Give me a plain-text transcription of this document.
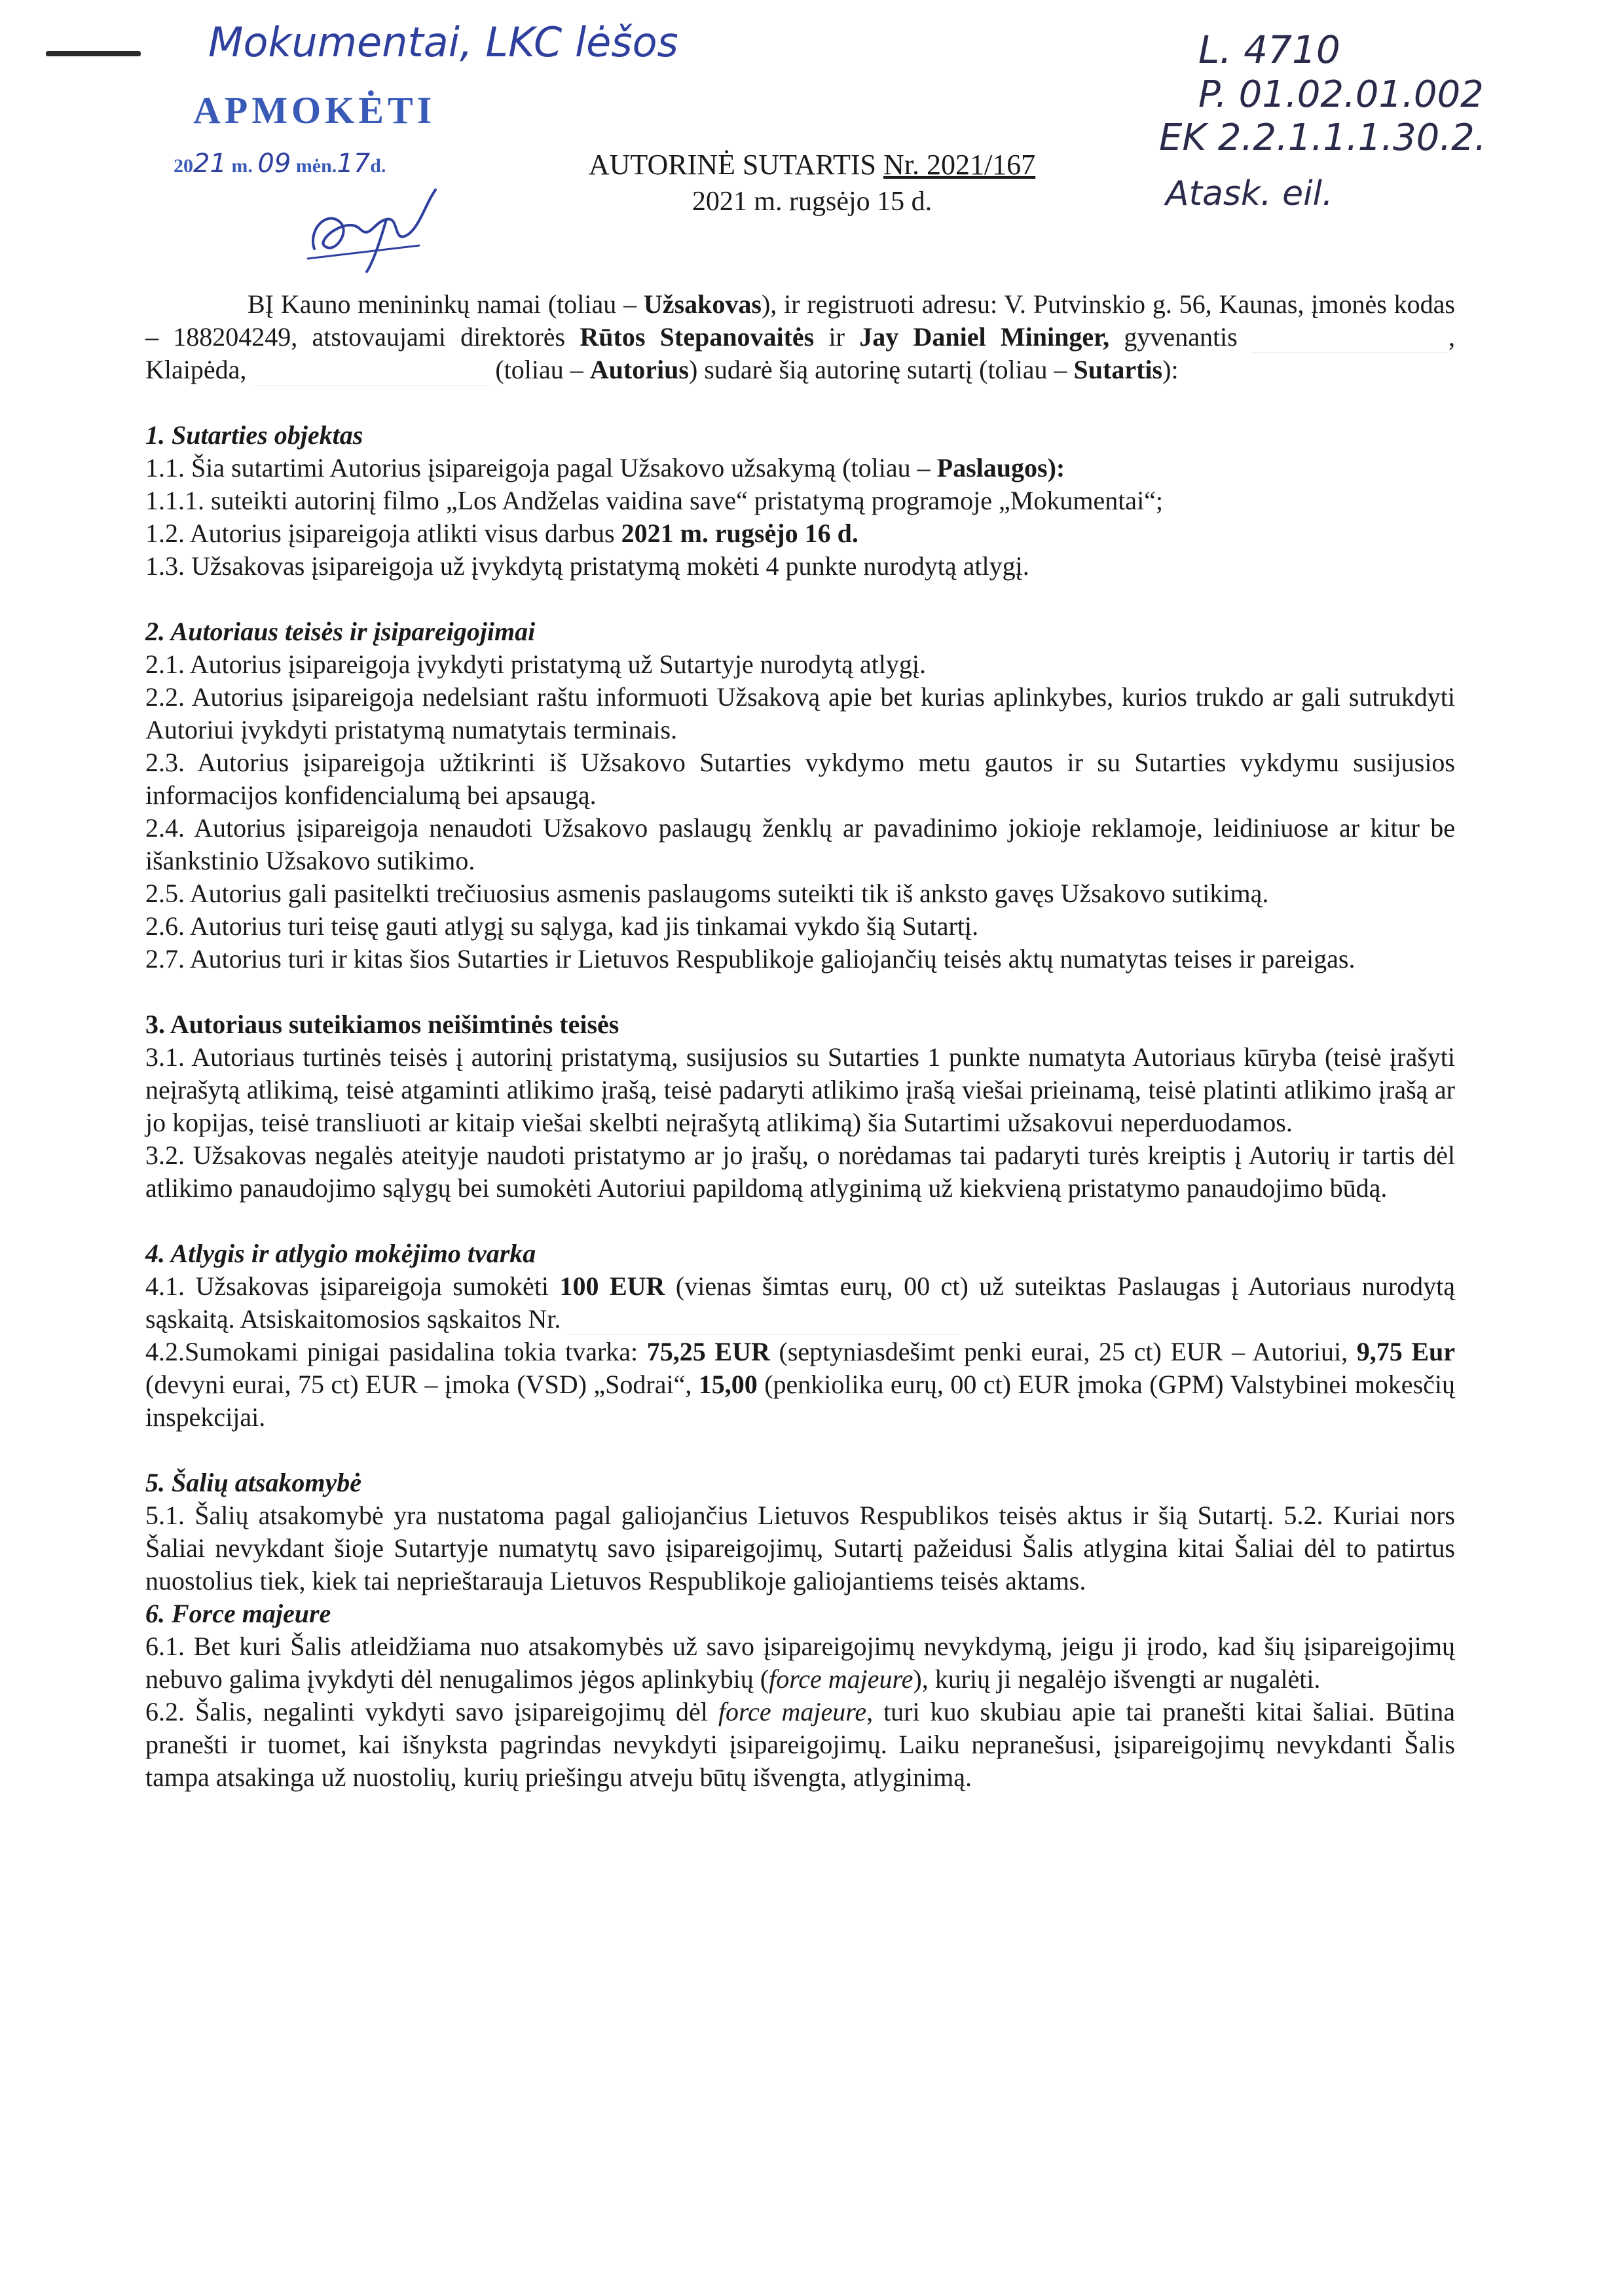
Mokumentai, LKC lėšos	L. 4710
P. 01.02.01.002
EK 2.2.1.1.1.30.2.
Atask. eil.
APMOKĖTI
2021 m. 09 mėn.17d.	AUTORINĖ SUTARTIS Nr. 2021/167
2021 m. rugsėjo 15 d.

BĮ Kauno menininkų namai (toliau – Užsakovas), ir registruoti adresu: V. Putvinskio g. 56, Kaunas, įmonės kodas – 188204249, atstovaujami direktorės Rūtos Stepanovaitės ir Jay Daniel Mininger, gyvenantis	, Klaipėda,	(toliau – Autorius) sudarė šią autorinę sutartį (toliau – Sutartis):

1. Sutarties objektas

1.1. Šia sutartimi Autorius įsipareigoja pagal Užsakovo užsakymą (toliau – Paslaugos):

1.1.1. suteikti autorinį filmo „Los Andželas vaidina save“ pristatymą programoje „Mokumentai“;

1.2. Autorius įsipareigoja atlikti visus darbus 2021 m. rugsėjo 16 d.

1.3. Užsakovas įsipareigoja už įvykdytą pristatymą mokėti 4 punkte nurodytą atlygį.

2. Autoriaus teisės ir įsipareigojimai

2.1. Autorius įsipareigoja įvykdyti pristatymą už Sutartyje nurodytą atlygį.

2.2. Autorius įsipareigoja nedelsiant raštu informuoti Užsakovą apie bet kurias aplinkybes, kurios trukdo ar gali sutrukdyti Autoriui įvykdyti pristatymą numatytais terminais.

2.3. Autorius įsipareigoja užtikrinti iš Užsakovo Sutarties vykdymo metu gautos ir su Sutarties vykdymu susijusios informacijos konfidencialumą bei apsaugą.

2.4. Autorius įsipareigoja nenaudoti Užsakovo paslaugų ženklų ar pavadinimo jokioje reklamoje, leidiniuose ar kitur be išankstinio Užsakovo sutikimo.

2.5. Autorius gali pasitelkti trečiuosius asmenis paslaugoms suteikti tik iš anksto gavęs Užsakovo sutikimą.

2.6. Autorius turi teisę gauti atlygį su sąlyga, kad jis tinkamai vykdo šią Sutartį.

2.7. Autorius turi ir kitas šios Sutarties ir Lietuvos Respublikoje galiojančių teisės aktų numatytas teises ir pareigas.

3. Autoriaus suteikiamos neišimtinės teisės

3.1. Autoriaus turtinės teisės į autorinį pristatymą, susijusios su Sutarties 1 punkte numatyta Autoriaus kūryba (teisė įrašyti neįrašytą atlikimą, teisė atgaminti atlikimo įrašą, teisė padaryti atlikimo įrašą viešai prieinamą, teisė platinti atlikimo įrašą ar jo kopijas, teisė transliuoti ar kitaip viešai skelbti neįrašytą atlikimą) šia Sutartimi užsakovui neperduodamos.

3.2. Užsakovas negalės ateityje naudoti pristatymo ar jo įrašų, o norėdamas tai padaryti turės kreiptis į Autorių ir tartis dėl atlikimo panaudojimo sąlygų bei sumokėti Autoriui papildomą atlyginimą už kiekvieną pristatymo panaudojimo būdą.

4. Atlygis ir atlygio mokėjimo tvarka

4.1. Užsakovas įsipareigoja sumokėti 100 EUR (vienas šimtas eurų, 00 ct) už suteiktas Paslaugas į Autoriaus nurodytą sąskaitą. Atsiskaitomosios sąskaitos Nr.

4.2.Sumokami pinigai pasidalina tokia tvarka: 75,25 EUR (septyniasdešimt penki eurai, 25 ct) EUR – Autoriui, 9,75 Eur (devyni eurai, 75 ct) EUR – įmoka (VSD) „Sodrai“, 15,00 (penkiolika eurų, 00 ct) EUR įmoka (GPM) Valstybinei mokesčių inspekcijai.

5. Šalių atsakomybė

5.1. Šalių atsakomybė yra nustatoma pagal galiojančius Lietuvos Respublikos teisės aktus ir šią Sutartį. 5.2. Kuriai nors Šaliai nevykdant šioje Sutartyje numatytų savo įsipareigojimų, Sutartį pažeidusi Šalis atlygina kitai Šaliai dėl to patirtus nuostolius tiek, kiek tai neprieštarauja Lietuvos Respublikoje galiojantiems teisės aktams.

6. Force majeure

6.1. Bet kuri Šalis atleidžiama nuo atsakomybės už savo įsipareigojimų nevykdymą, jeigu ji įrodo, kad šių įsipareigojimų nebuvo galima įvykdyti dėl nenugalimos jėgos aplinkybių (force majeure), kurių ji negalėjo išvengti ar nugalėti.

6.2. Šalis, negalinti vykdyti savo įsipareigojimų dėl force majeure, turi kuo skubiau apie tai pranešti kitai šaliai. Būtina pranešti ir tuomet, kai išnyksta pagrindas nevykdyti įsipareigojimų. Laiku nepranešusi, įsipareigojimų nevykdanti Šalis tampa atsakinga už nuostolių, kurių priešingu atveju būtų išvengta, atlyginimą.
